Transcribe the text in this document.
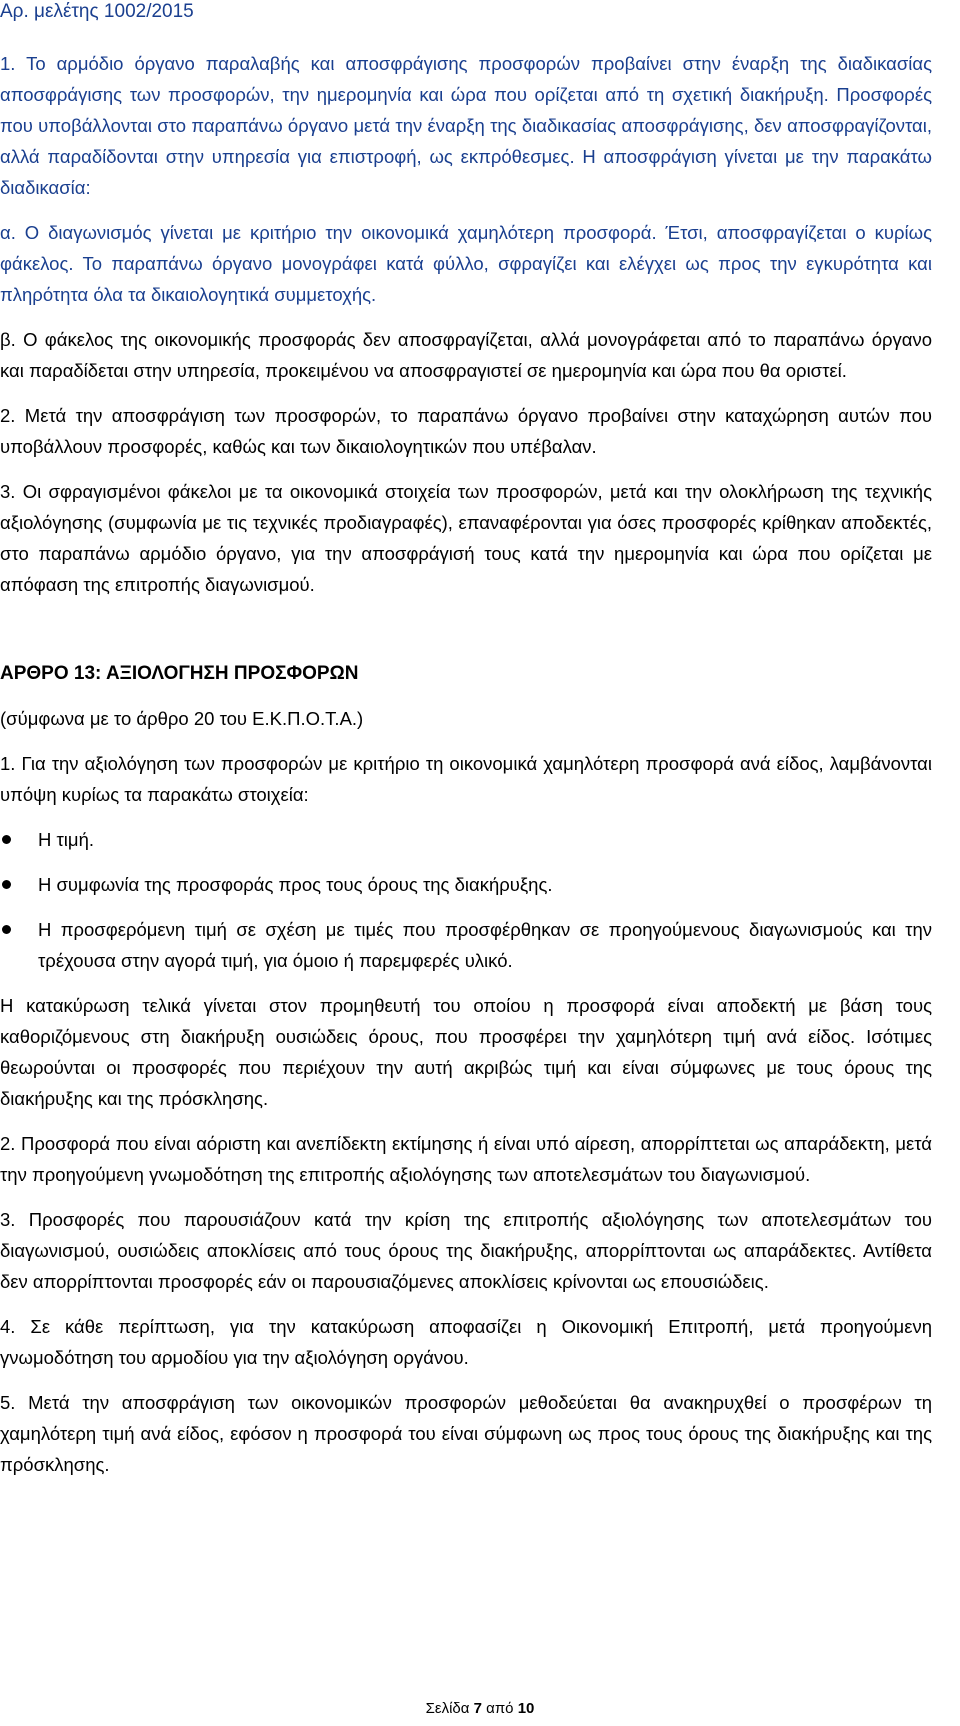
Αρ. μελέτης 1002/2015

1. Το αρμόδιο όργανο παραλαβής και αποσφράγισης προσφορών προβαίνει στην έναρξη της διαδικασίας αποσφράγισης των προσφορών, την ημερομηνία και ώρα που ορίζεται από τη σχετική διακήρυξη. Προσφορές που υποβάλλονται στο παραπάνω όργανο μετά την έναρξη της διαδικασίας αποσφράγισης, δεν αποσφραγίζονται, αλλά παραδίδονται στην υπηρεσία για επιστροφή, ως εκπρόθεσμες. Η αποσφράγιση γίνεται με την παρακάτω διαδικασία:

α. Ο διαγωνισμός γίνεται με κριτήριο την οικονομικά χαμηλότερη προσφορά. Έτσι, αποσφραγίζεται ο κυρίως φάκελος. Το παραπάνω όργανο μονογράφει κατά φύλλο, σφραγίζει και ελέγχει ως προς την εγκυρότητα και πληρότητα όλα τα δικαιολογητικά συμμετοχής.

β. Ο φάκελος της οικονομικής προσφοράς δεν αποσφραγίζεται, αλλά μονογράφεται από το παραπάνω όργανο και παραδίδεται στην υπηρεσία, προκειμένου να αποσφραγιστεί σε ημερομηνία και ώρα που θα οριστεί.

2. Μετά την αποσφράγιση των προσφορών, το παραπάνω όργανο προβαίνει στην καταχώρηση αυτών που υποβάλλουν προσφορές, καθώς και των δικαιολογητικών που υπέβαλαν.

3. Οι σφραγισμένοι φάκελοι με τα οικονομικά στοιχεία των προσφορών, μετά και την ολοκλήρωση της τεχνικής αξιολόγησης (συμφωνία με τις τεχνικές προδιαγραφές), επαναφέρονται για όσες προσφορές κρίθηκαν αποδεκτές, στο παραπάνω αρμόδιο όργανο, για την αποσφράγισή τους κατά την ημερομηνία και ώρα που ορίζεται με απόφαση της επιτροπής διαγωνισμού.

ΑΡΘΡΟ 13: ΑΞΙΟΛΟΓΗΣΗ ΠΡΟΣΦΟΡΩΝ

(σύμφωνα με το άρθρο 20 του Ε.Κ.Π.Ο.Τ.Α.)

1. Για την αξιολόγηση των προσφορών με κριτήριο τη οικονομικά χαμηλότερη προσφορά ανά είδος, λαμβάνονται υπόψη κυρίως τα παρακάτω στοιχεία:

Η τιμή.
Η συμφωνία της προσφοράς προς τους όρους της διακήρυξης.
Η προσφερόμενη τιμή σε σχέση με τιμές που προσφέρθηκαν σε προηγούμενους διαγωνισμούς και την τρέχουσα στην αγορά τιμή, για όμοιο ή παρεμφερές υλικό.

Η κατακύρωση τελικά γίνεται στον προμηθευτή του οποίου η προσφορά είναι αποδεκτή με βάση τους καθοριζόμενους στη διακήρυξη ουσιώδεις όρους, που προσφέρει την χαμηλότερη τιμή ανά είδος. Ισότιμες θεωρούνται οι προσφορές που περιέχουν την αυτή ακριβώς τιμή και είναι σύμφωνες με τους όρους της διακήρυξης και της πρόσκλησης.

2. Προσφορά που είναι αόριστη και ανεπίδεκτη εκτίμησης ή είναι υπό αίρεση, απορρίπτεται ως απαράδεκτη, μετά την προηγούμενη γνωμοδότηση της επιτροπής αξιολόγησης των αποτελεσμάτων του διαγωνισμού.

3. Προσφορές που παρουσιάζουν κατά την κρίση της επιτροπής αξιολόγησης των αποτελεσμάτων του διαγωνισμού, ουσιώδεις αποκλίσεις από τους όρους της διακήρυξης, απορρίπτονται ως απαράδεκτες. Αντίθετα δεν απορρίπτονται προσφορές εάν οι παρουσιαζόμενες αποκλίσεις κρίνονται ως επουσιώδεις.

4. Σε κάθε περίπτωση, για την κατακύρωση αποφασίζει η Οικονομική Επιτροπή, μετά προηγούμενη γνωμοδότηση του αρμοδίου για την αξιολόγηση οργάνου.

5. Μετά την αποσφράγιση των οικονομικών προσφορών μεθοδεύεται θα ανακηρυχθεί ο προσφέρων τη χαμηλότερη τιμή ανά είδος, εφόσον η προσφορά του είναι σύμφωνη ως προς τους όρους της διακήρυξης και της πρόσκλησης.

Σελίδα 7 από 10
